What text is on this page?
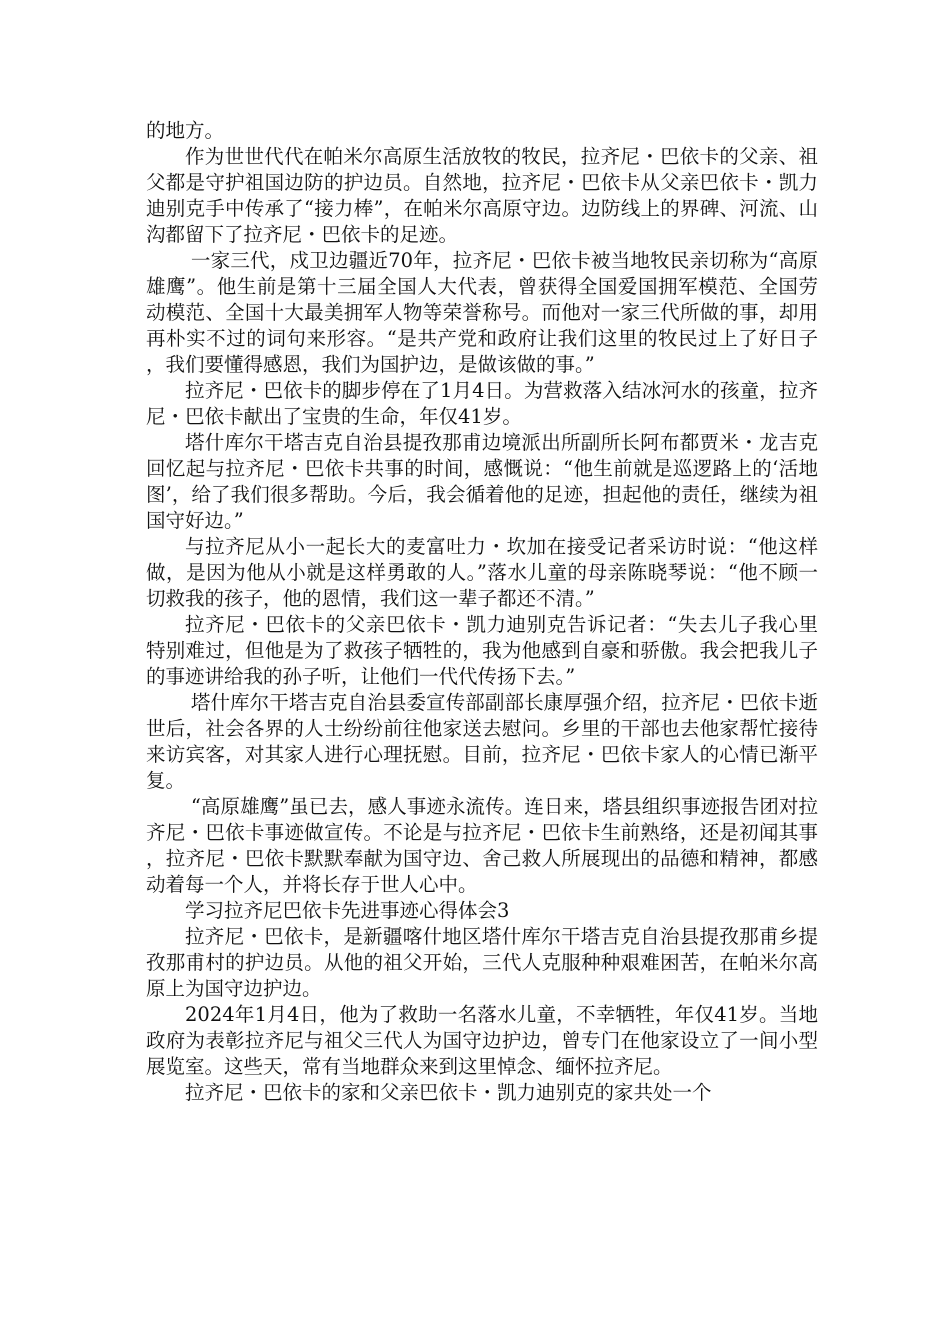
的地方。

作为世世代代在帕米尔高原生活放牧的牧民，拉齐尼・巴依卡的父亲、祖父都是守护祖国边防的护边员。自然地，拉齐尼・巴依卡从父亲巴依卡・凯力迪别克手中传承了“接力棒”，在帕米尔高原守边。边防线上的界碑、河流、山沟都留下了拉齐尼・巴依卡的足迹。

一家三代，戍卫边疆近70年，拉齐尼・巴依卡被当地牧民亲切称为“高原雄鹰”。他生前是第十三届全国人大代表，曾获得全国爱国拥军模范、全国劳动模范、全国十大最美拥军人物等荣誉称号。而他对一家三代所做的事，却用再朴实不过的词句来形容。“是共产党和政府让我们这里的牧民过上了好日子，我们要懂得感恩，我们为国护边，是做该做的事。”

拉齐尼・巴依卡的脚步停在了1月4日。为营救落入结冰河水的孩童，拉齐尼・巴依卡献出了宝贵的生命，年仅41岁。

塔什库尔干塔吉克自治县提孜那甫边境派出所副所长阿布都贾米・龙吉克回忆起与拉齐尼・巴依卡共事的时间，感慨说：“他生前就是巡逻路上的‘活地图’，给了我们很多帮助。今后，我会循着他的足迹，担起他的责任，继续为祖国守好边。”

与拉齐尼从小一起长大的麦富吐力・坎加在接受记者采访时说：“他这样做，是因为他从小就是这样勇敢的人。”落水儿童的母亲陈晓琴说：“他不顾一切救我的孩子，他的恩情，我们这一辈子都还不清。”

拉齐尼・巴依卡的父亲巴依卡・凯力迪别克告诉记者：“失去儿子我心里特别难过，但他是为了救孩子牺牲的，我为他感到自豪和骄傲。我会把我儿子的事迹讲给我的孙子听，让他们一代代传扬下去。”

塔什库尔干塔吉克自治县委宣传部副部长康厚强介绍，拉齐尼・巴依卡逝世后，社会各界的人士纷纷前往他家送去慰问。乡里的干部也去他家帮忙接待来访宾客，对其家人进行心理抚慰。目前，拉齐尼・巴依卡家人的心情已渐平复。

“高原雄鹰”虽已去，感人事迹永流传。连日来，塔县组织事迹报告团对拉齐尼・巴依卡事迹做宣传。不论是与拉齐尼・巴依卡生前熟络，还是初闻其事，拉齐尼・巴依卡默默奉献为国守边、舍己救人所展现出的品德和精神，都感动着每一个人，并将长存于世人心中。

学习拉齐尼巴依卡先进事迹心得体会3

拉齐尼・巴依卡，是新疆喀什地区塔什库尔干塔吉克自治县提孜那甫乡提孜那甫村的护边员。从他的祖父开始，三代人克服种种艰难困苦，在帕米尔高原上为国守边护边。

2024年1月4日，他为了救助一名落水儿童，不幸牺牲，年仅41岁。当地政府为表彰拉齐尼与祖父三代人为国守边护边，曾专门在他家设立了一间小型展览室。这些天，常有当地群众来到这里悼念、缅怀拉齐尼。

拉齐尼・巴依卡的家和父亲巴依卡・凯力迪别克的家共处一个
